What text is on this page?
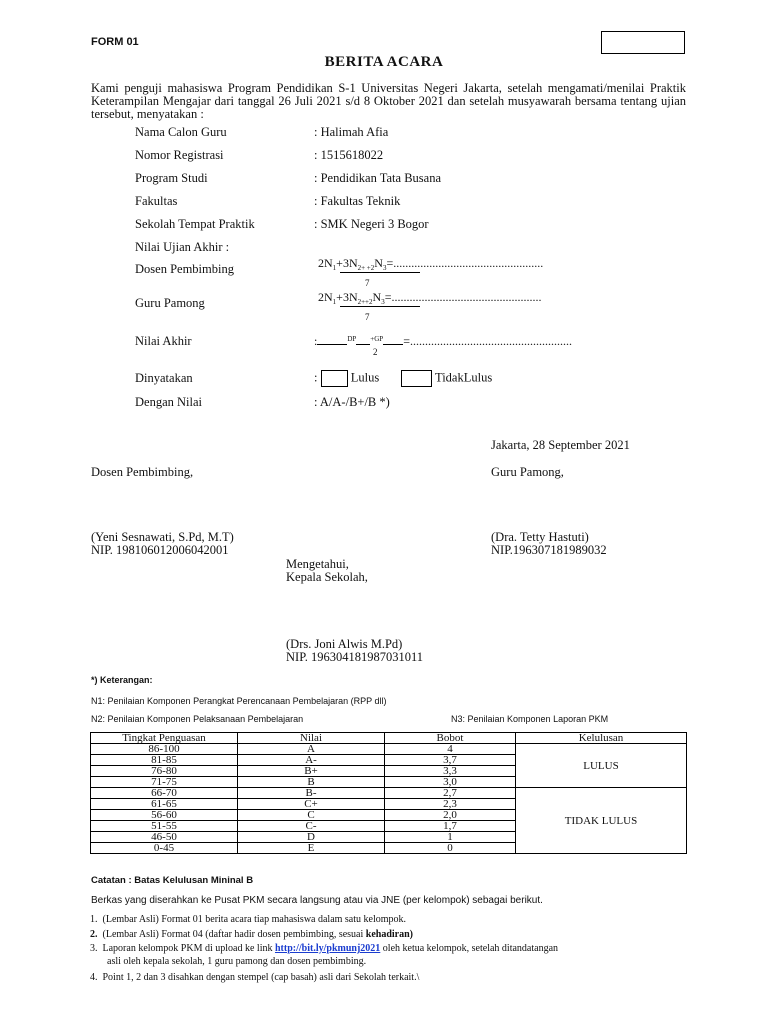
FORM 01
BERITA ACARA
Kami penguji mahasiswa Program Pendidikan S-1 Universitas Negeri Jakarta, setelah mengamati/menilai Praktik Keterampilan Mengajar dari tanggal 26 Juli 2021 s/d 8 Oktober 2021 dan setelah musyawarah bersama tentang ujian tersebut, menyatakan :
Nama Calon Guru	: Halimah Afia
Nomor Registrasi	: 1515618022
Program Studi	: Pendidikan Tata Busana
Fakultas	: Fakultas Teknik
Sekolah Tempat Praktik	: SMK Negeri 3 Bogor
Nilai Ujian Akhir :
Dosen Pembimbing	$2N_1+3N_{2+ +2}N_3=$..................................................
7
Guru Pamong	$2N_1+3N_{2++2}N_3=$..................................................
7
Nilai Akhir	:	$^{DP}$ $^{+GP}$ =......................................................
2
Dinyatakan	:	Lulus	TidakLulus
Dengan Nilai	: A/A-/B+/B *)
Jakarta, 28 September 2021
Dosen Pembimbing,	Guru Pamong,
(Yeni Sesnawati, S.Pd, M.T)
NIP. 198106012006042001
(Dra. Tetty Hastuti)
NIP.196307181989032
Mengetahui,
Kepala Sekolah,
(Drs. Joni Alwis M.Pd)
NIP. 196304181987031011
*) Keterangan:
N1: Penilaian Komponen Perangkat Perencanaan Pembelajaran (RPP dll)
N2: Penilaian Komponen Pelaksanaan Pembelajaran	N3: Penilaian Komponen Laporan PKM
Tingkat Penguasan	Nilai	Bobot	Kelulusan
86-100	A	4	LULUS
81-85	A-	3,7	
76-80	B+	3,3	
71-75	B	3,0	
66-70	B-	2,7	TIDAK LULUS
61-65	C+	2,3	
56-60	C	2,0	
51-55	C-	1,7	
46-50	D	1	
0-45	E	0	
Catatan : Batas Kelulusan Mininal B
Berkas yang diserahkan ke Pusat PKM secara langsung atau via JNE (per kelompok) sebagai berikut.
1. (Lembar Asli) Format 01 berita acara tiap mahasiswa dalam satu kelompok.
2. (Lembar Asli) Format 04 (daftar hadir dosen pembimbing, sesuai kehadiran)
3. Laporan kelompok PKM di upload ke link http://bit.ly/pkmunj2021 oleh ketua kelompok, setelah ditandatangan
asli oleh kepala sekolah, 1 guru pamong dan dosen pembimbing.
4. Point 1, 2 dan 3 disahkan dengan stempel (cap basah) asli dari Sekolah terkait.\
